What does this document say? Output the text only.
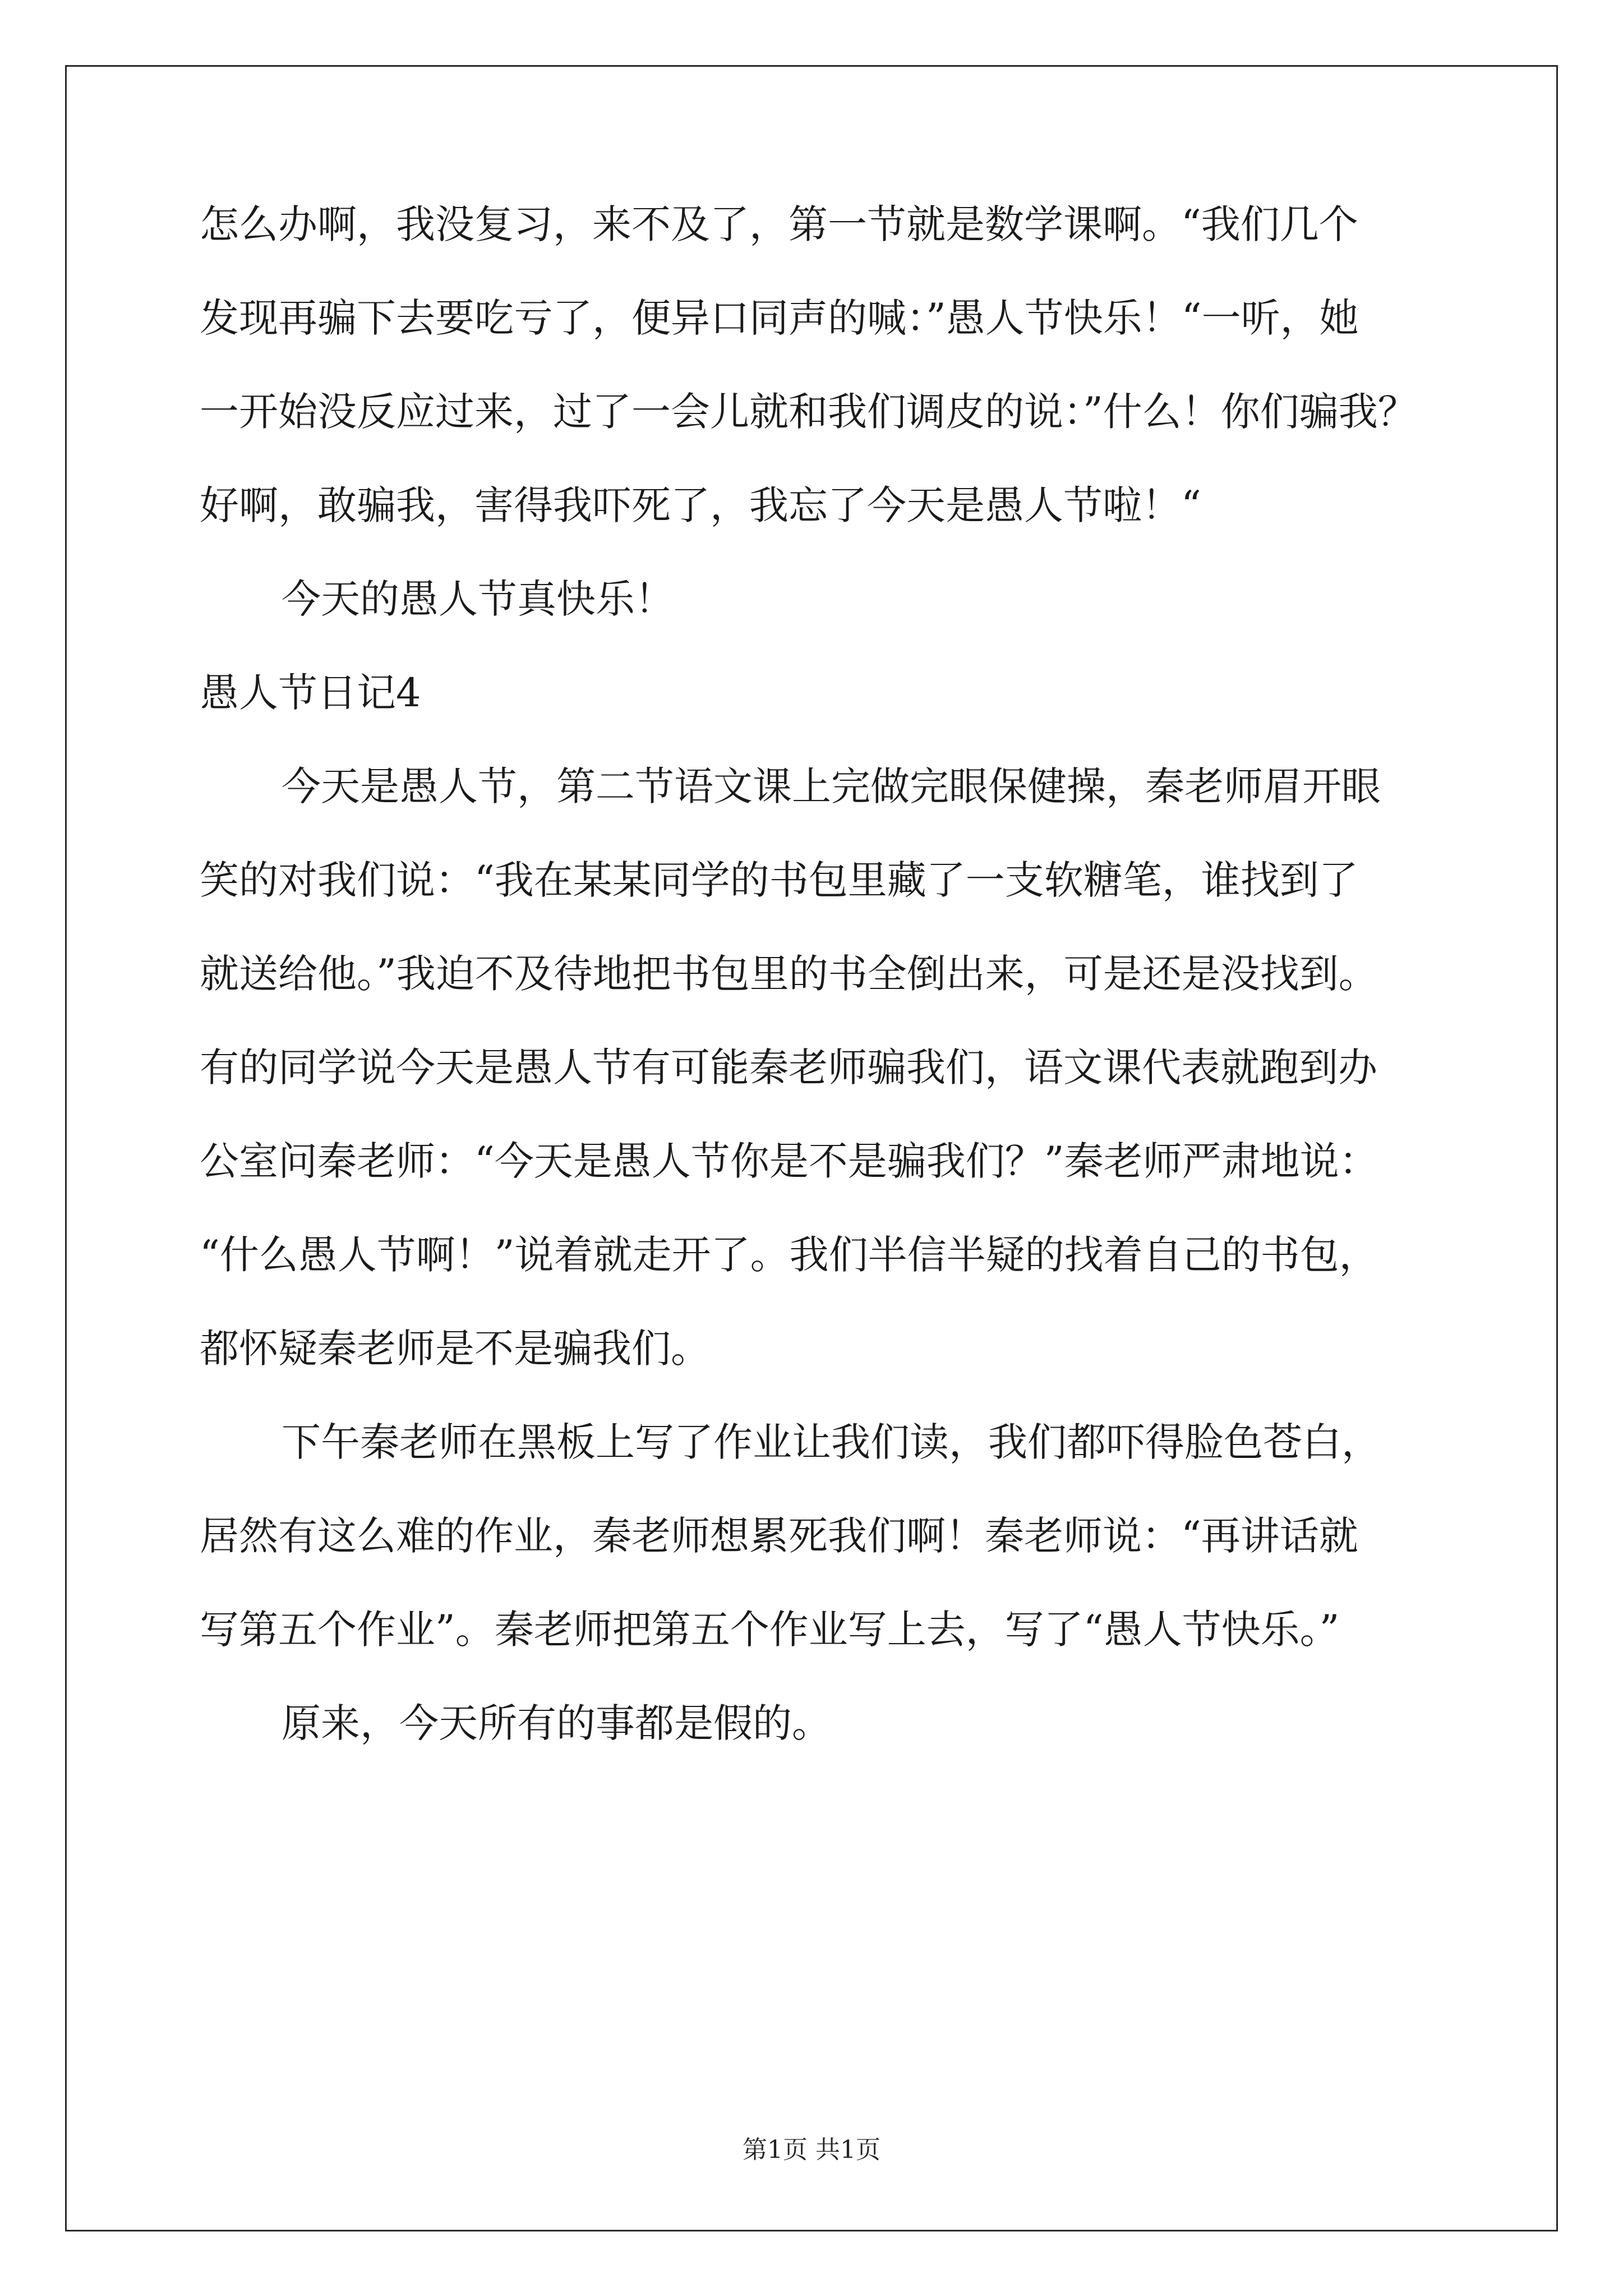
怎么办啊，我没复习，来不及了，第一节就是数学课啊。“我们几个
发现再骗下去要吃亏了，便异口同声的喊：”愚人节快乐！“一听，她
一开始没反应过来，过了一会儿就和我们调皮的说：”什么！你们骗我？
好啊，敢骗我，害得我吓死了，我忘了今天是愚人节啦！“
今天的愚人节真快乐！
愚人节日记4
今天是愚人节，第二节语文课上完做完眼保健操，秦老师眉开眼
笑的对我们说：“我在某某同学的书包里藏了一支软糖笔，谁找到了
就送给他。”我迫不及待地把书包里的书全倒出来，可是还是没找到。
有的同学说今天是愚人节有可能秦老师骗我们，语文课代表就跑到办
公室问秦老师：“今天是愚人节你是不是骗我们？”秦老师严肃地说：
“什么愚人节啊！”说着就走开了。我们半信半疑的找着自己的书包，
都怀疑秦老师是不是骗我们。
下午秦老师在黑板上写了作业让我们读，我们都吓得脸色苍白，
居然有这么难的作业，秦老师想累死我们啊！秦老师说：“再讲话就
写第五个作业”。秦老师把第五个作业写上去，写了“愚人节快乐。”
原来，今天所有的事都是假的。
第1页 共1页
